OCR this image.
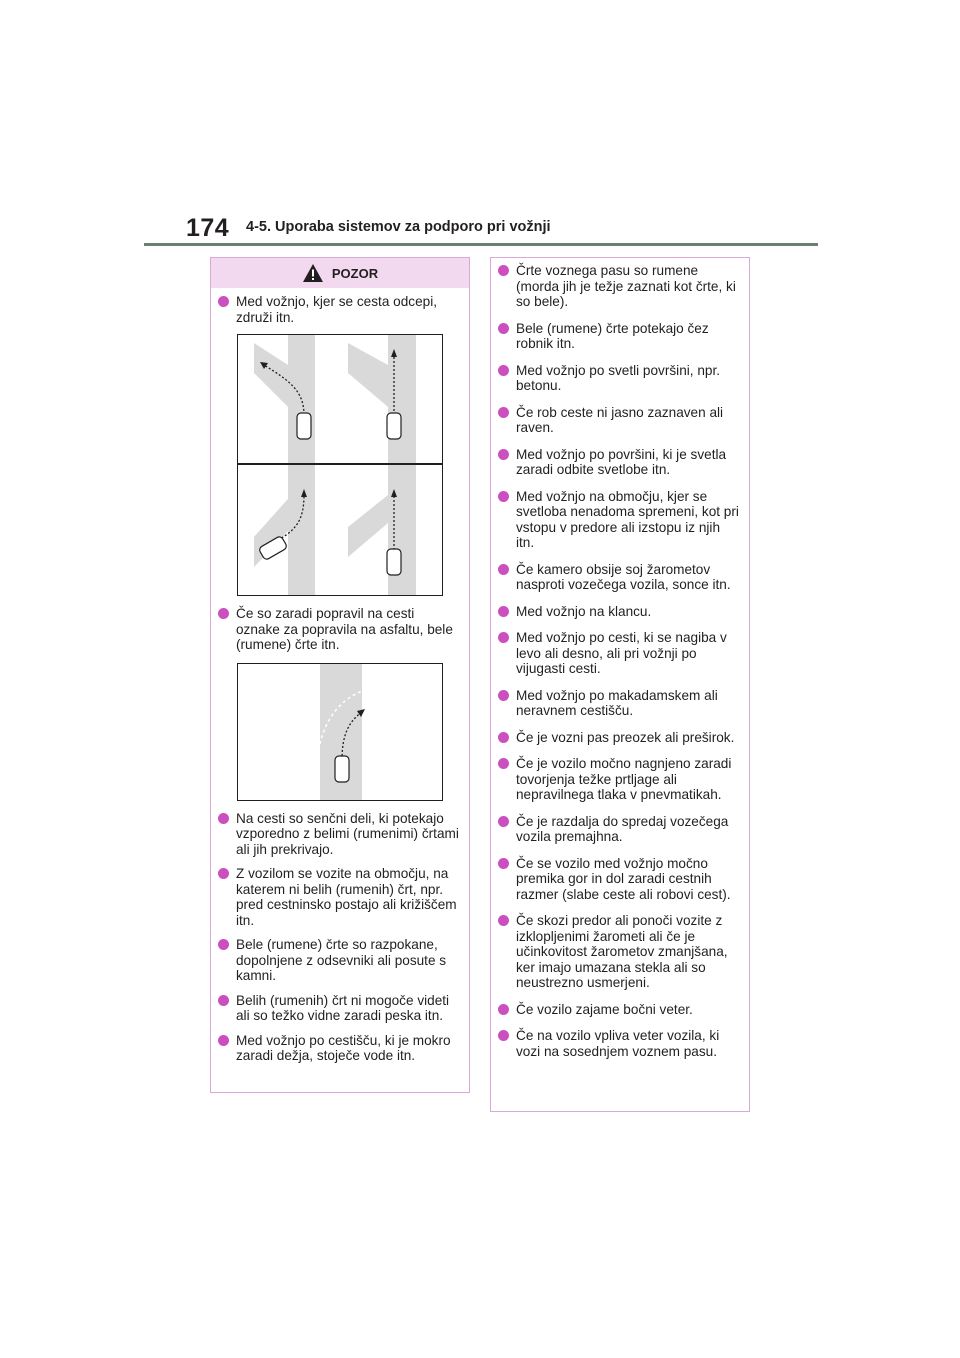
174 4-5. Uporaba sistemov za podporo pri vožnji
POZOR
Med vožnjo, kjer se cesta odcepi, združi itn.
Če so zaradi popravil na cesti oznake za popravila na asfaltu, bele (rumene) črte itn.
Na cesti so senčni deli, ki potekajo vzporedno z belimi (rumenimi) črtami ali jih prekrivajo.
Z vozilom se vozite na območju, na katerem ni belih (rumenih) črt, npr. pred cestninsko postajo ali križiščem itn.
Bele (rumene) črte so razpokane, dopolnjene z odsevniki ali posute s kamni.
Belih (rumenih) črt ni mogoče videti ali so težko vidne zaradi peska itn.
Med vožnjo po cestišču, ki je mokro zaradi dežja, stoječe vode itn.
Črte voznega pasu so rumene (morda jih je težje zaznati kot črte, ki so bele).
Bele (rumene) črte potekajo čez robnik itn.
Med vožnjo po svetli površini, npr. betonu.
Če rob ceste ni jasno zaznaven ali raven.
Med vožnjo po površini, ki je svetla zaradi odbite svetlobe itn.
Med vožnjo na območju, kjer se svetloba nenadoma spremeni, kot pri vstopu v predore ali izstopu iz njih itn.
Če kamero obsije soj žarometov nasproti vozečega vozila, sonce itn.
Med vožnjo na klancu.
Med vožnjo po cesti, ki se nagiba v levo ali desno, ali pri vožnji po vijugasti cesti.
Med vožnjo po makadamskem ali neravnem cestišču.
Če je vozni pas preozek ali preširok.
Če je vozilo močno nagnjeno zaradi tovorjenja težke prtljage ali nepravilnega tlaka v pnevmatikah.
Če je razdalja do spredaj vozečega vozila premajhna.
Če se vozilo med vožnjo močno premika gor in dol zaradi cestnih razmer (slabe ceste ali robovi cest).
Če skozi predor ali ponoči vozite z izklopljenimi žarometi ali če je učinkovitost žarometov zmanjšana, ker imajo umazana stekla ali so neustrezno usmerjeni.
Če vozilo zajame bočni veter.
Če na vozilo vpliva veter vozila, ki vozi na sosednjem voznem pasu.
